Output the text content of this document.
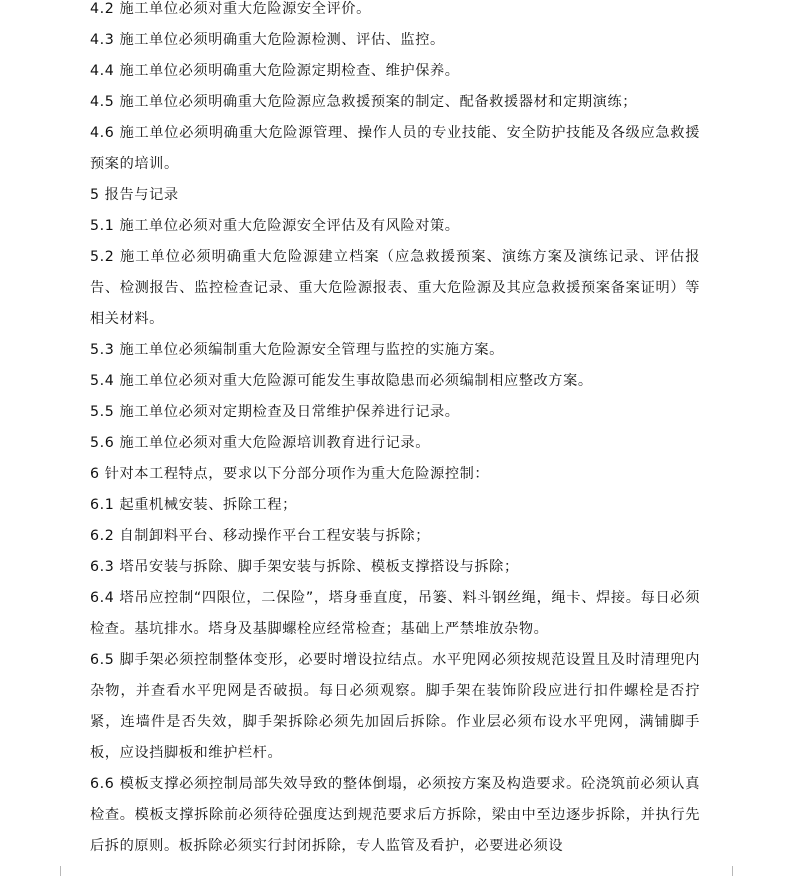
4.2 施工单位必须对重大危险源安全评价。

4.3 施工单位必须明确重大危险源检测、评估、监控。

4.4 施工单位必须明确重大危险源定期检查、维护保养。

4.5 施工单位必须明确重大危险源应急救援预案的制定、配备救援器材和定期演练；

4.6 施工单位必须明确重大危险源管理、操作人员的专业技能、安全防护技能及各级应急救援预案的培训。

5 报告与记录

5.1 施工单位必须对重大危险源安全评估及有风险对策。

5.2 施工单位必须明确重大危险源建立档案（应急救援预案、演练方案及演练记录、评估报告、检测报告、监控检查记录、重大危险源报表、重大危险源及其应急救援预案备案证明）等相关材料。

5.3 施工单位必须编制重大危险源安全管理与监控的实施方案。

5.4 施工单位必须对重大危险源可能发生事故隐患而必须编制相应整改方案。

5.5 施工单位必须对定期检查及日常维护保养进行记录。

5.6 施工单位必须对重大危险源培训教育进行记录。

6 针对本工程特点，要求以下分部分项作为重大危险源控制：

6.1 起重机械安装、拆除工程；

6.2 自制卸料平台、移动操作平台工程安装与拆除；

6.3 塔吊安装与拆除、脚手架安装与拆除、模板支撑搭设与拆除；

6.4 塔吊应控制“四限位，二保险”，塔身垂直度，吊篓、料斗钢丝绳，绳卡、焊接。每日必须检查。基坑排水。塔身及基脚螺栓应经常检查；基础上严禁堆放杂物。

6.5 脚手架必须控制整体变形，必要时增设拉结点。水平兜网必须按规范设置且及时清理兜内杂物，并查看水平兜网是否破损。每日必须观察。脚手架在装饰阶段应进行扣件螺栓是否拧紧，连墙件是否失效，脚手架拆除必须先加固后拆除。作业层必须布设水平兜网，满铺脚手板，应设挡脚板和维护栏杆。

6.6 模板支撑必须控制局部失效导致的整体倒塌，必须按方案及构造要求。砼浇筑前必须认真检查。模板支撑拆除前必须待砼强度达到规范要求后方拆除，梁由中至边逐步拆除，并执行先后拆的原则。板拆除必须实行封闭拆除，专人监管及看护，必要进必须设
